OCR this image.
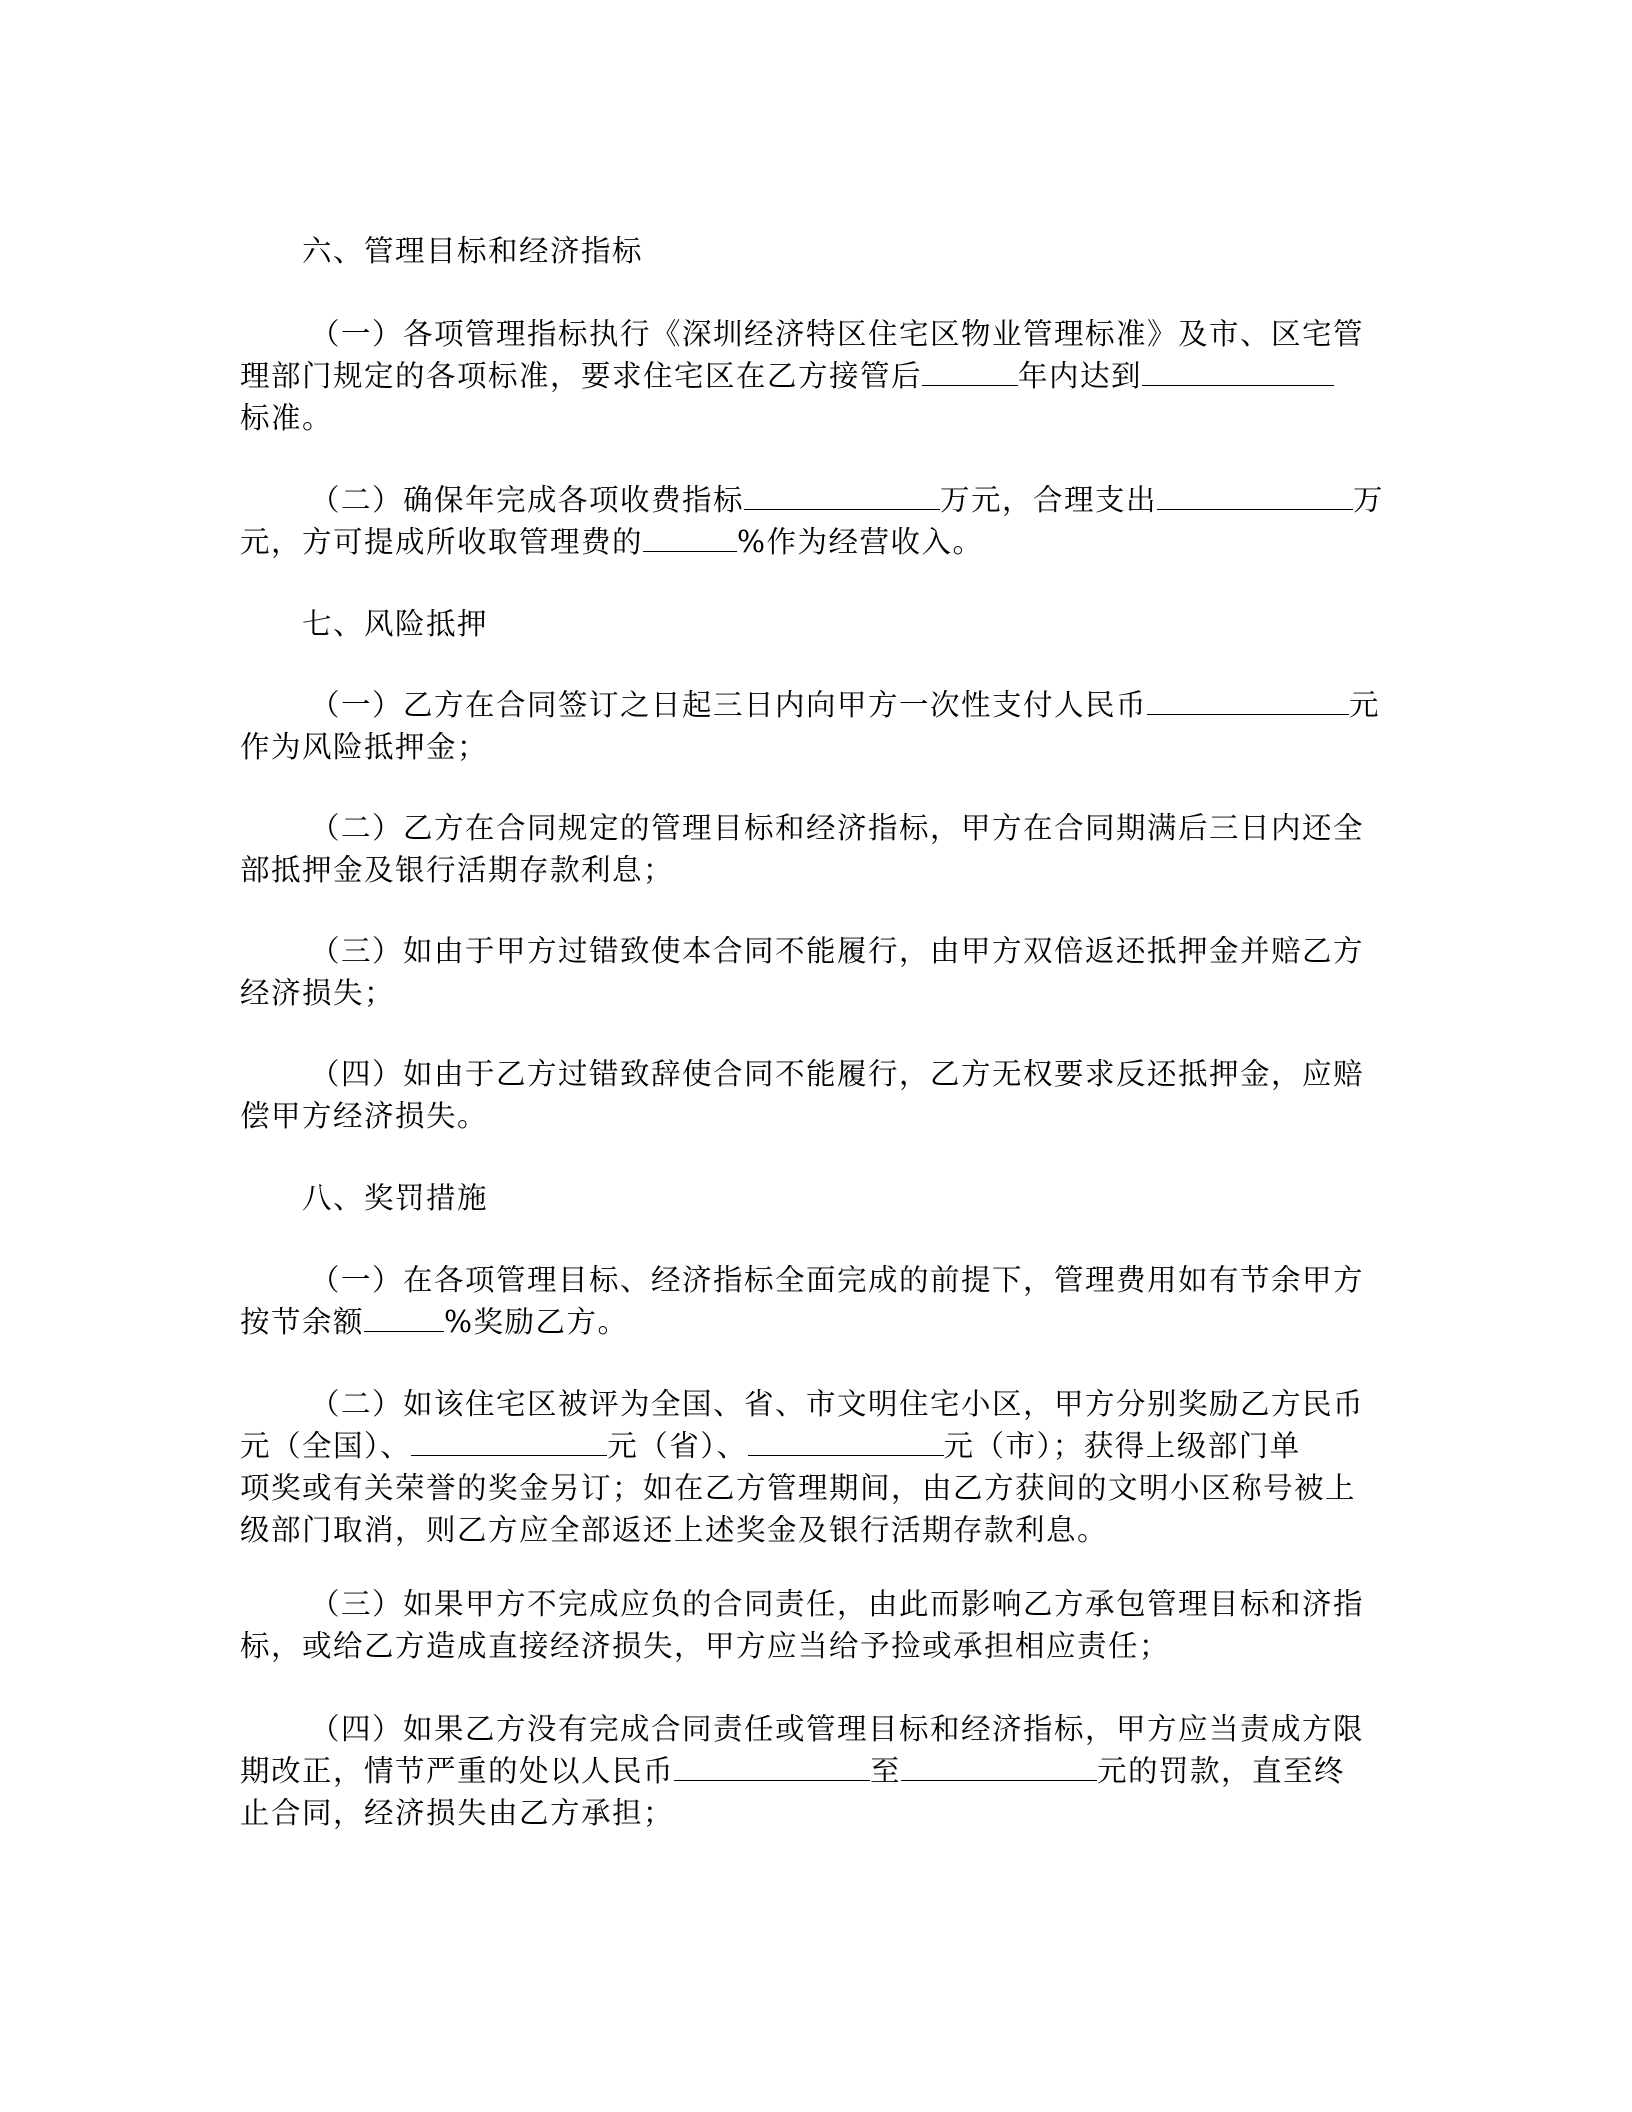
六、管理目标和经济指标
（一）各项管理指标执行《深圳经济特区住宅区物业管理标准》及市、区宅管
理部门规定的各项标准，要求住宅区在乙方接管后	年内达到
标准。
（二）确保年完成各项收费指标	万元，合理支出	万
元，方可提成所收取管理费的	%作为经营收入。
七、风险抵押
（一）乙方在合同签订之日起三日内向甲方一次性支付人民币	元
作为风险抵押金；
（二）乙方在合同规定的管理目标和经济指标，甲方在合同期满后三日内还全
部抵押金及银行活期存款利息；
（三）如由于甲方过错致使本合同不能履行，由甲方双倍返还抵押金并赔乙方
经济损失；
（四）如由于乙方过错致辞使合同不能履行，乙方无权要求反还抵押金，应赔
偿甲方经济损失。
八、奖罚措施
（一）在各项管理目标、经济指标全面完成的前提下，管理费用如有节余甲方
按节余额	%奖励乙方。
（二）如该住宅区被评为全国、省、市文明住宅小区，甲方分别奖励乙方民币
元（全国）、	元（省）、	元（市）；获得上级部门单
项奖或有关荣誉的奖金另订；如在乙方管理期间，由乙方获间的文明小区称号被上
级部门取消，则乙方应全部返还上述奖金及银行活期存款利息。
（三）如果甲方不完成应负的合同责任，由此而影响乙方承包管理目标和济指
标，或给乙方造成直接经济损失，甲方应当给予捡或承担相应责任；
（四）如果乙方没有完成合同责任或管理目标和经济指标，甲方应当责成方限
期改正，情节严重的处以人民币	至	元的罚款，直至终
止合同，经济损失由乙方承担；
